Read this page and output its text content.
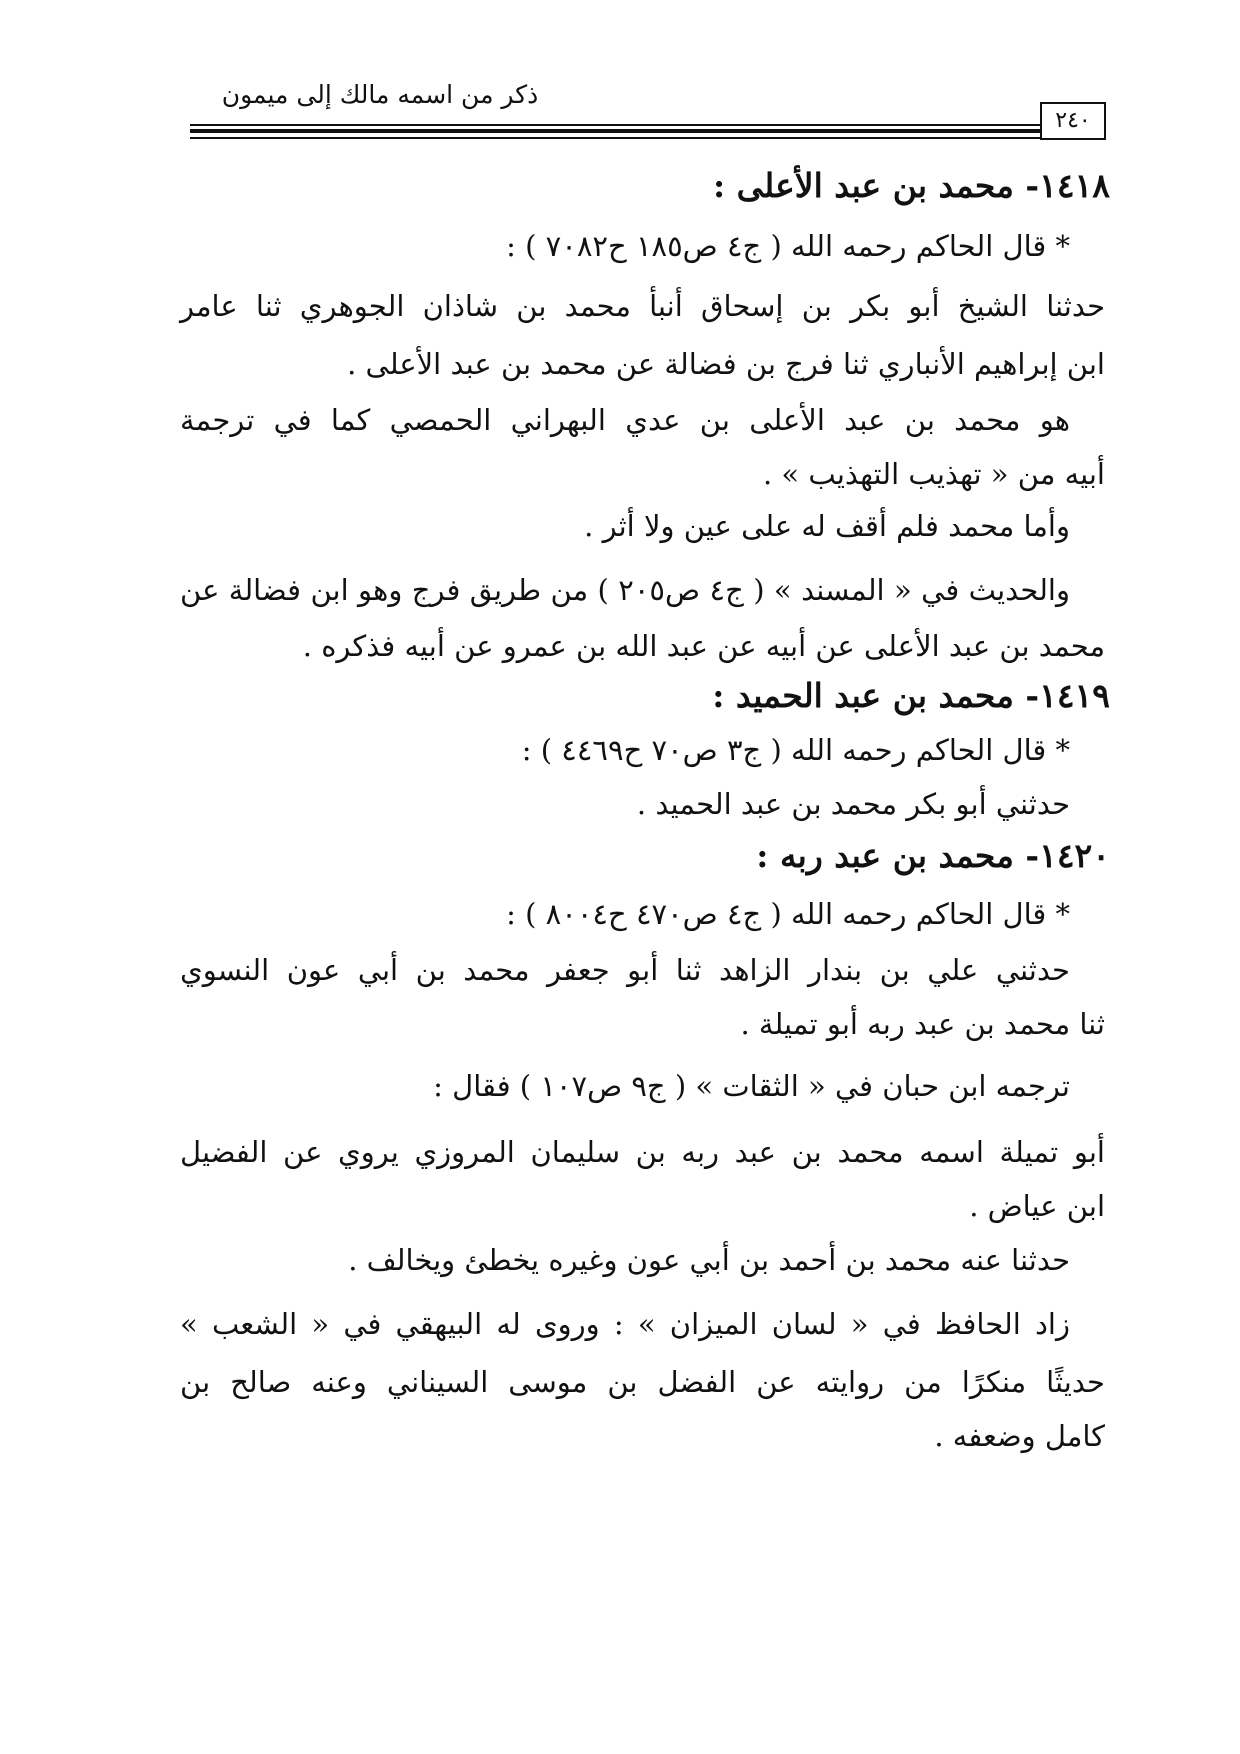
ذكر من اسمه مالك إلى ميمون
٢٤٠
١٤١٨- محمد بن عبد الأعلى :
* قال الحاكم رحمه الله ( ج٤ ص١٨٥ ح٧٠٨٢ ) :
حدثنا الشيخ أبو بكر بن إسحاق أنبأ محمد بن شاذان الجوهري ثنا عامر
ابن إبراهيم الأنباري ثنا فرج بن فضالة عن محمد بن عبد الأعلى .
هو محمد بن عبد الأعلى بن عدي البهراني الحمصي كما في ترجمة
أبيه من « تهذيب التهذيب » .
وأما محمد فلم أقف له على عين ولا أثر .
والحديث في « المسند » ( ج٤ ص٢٠٥ ) من طريق فرج وهو ابن فضالة عن
محمد بن عبد الأعلى عن أبيه عن عبد الله بن عمرو عن أبيه فذكره .
١٤١٩- محمد بن عبد الحميد :
* قال الحاكم رحمه الله ( ج٣ ص٧٠ ح٤٤٦٩ ) :
حدثني أبو بكر محمد بن عبد الحميد .
١٤٢٠- محمد بن عبد ربه :
* قال الحاكم رحمه الله ( ج٤ ص٤٧٠ ح٨٠٠٤ ) :
حدثني علي بن بندار الزاهد ثنا أبو جعفر محمد بن أبي عون النسوي
ثنا محمد بن عبد ربه أبو تميلة .
ترجمه ابن حبان في « الثقات » ( ج٩ ص١٠٧ ) فقال :
أبو تميلة اسمه محمد بن عبد ربه بن سليمان المروزي يروي عن الفضيل
ابن عياض .
حدثنا عنه محمد بن أحمد بن أبي عون وغيره يخطئ ويخالف .
زاد الحافظ في « لسان الميزان » : وروى له البيهقي في « الشعب »
حديثًا منكرًا من روايته عن الفضل بن موسى السيناني وعنه صالح بن
كامل وضعفه .
